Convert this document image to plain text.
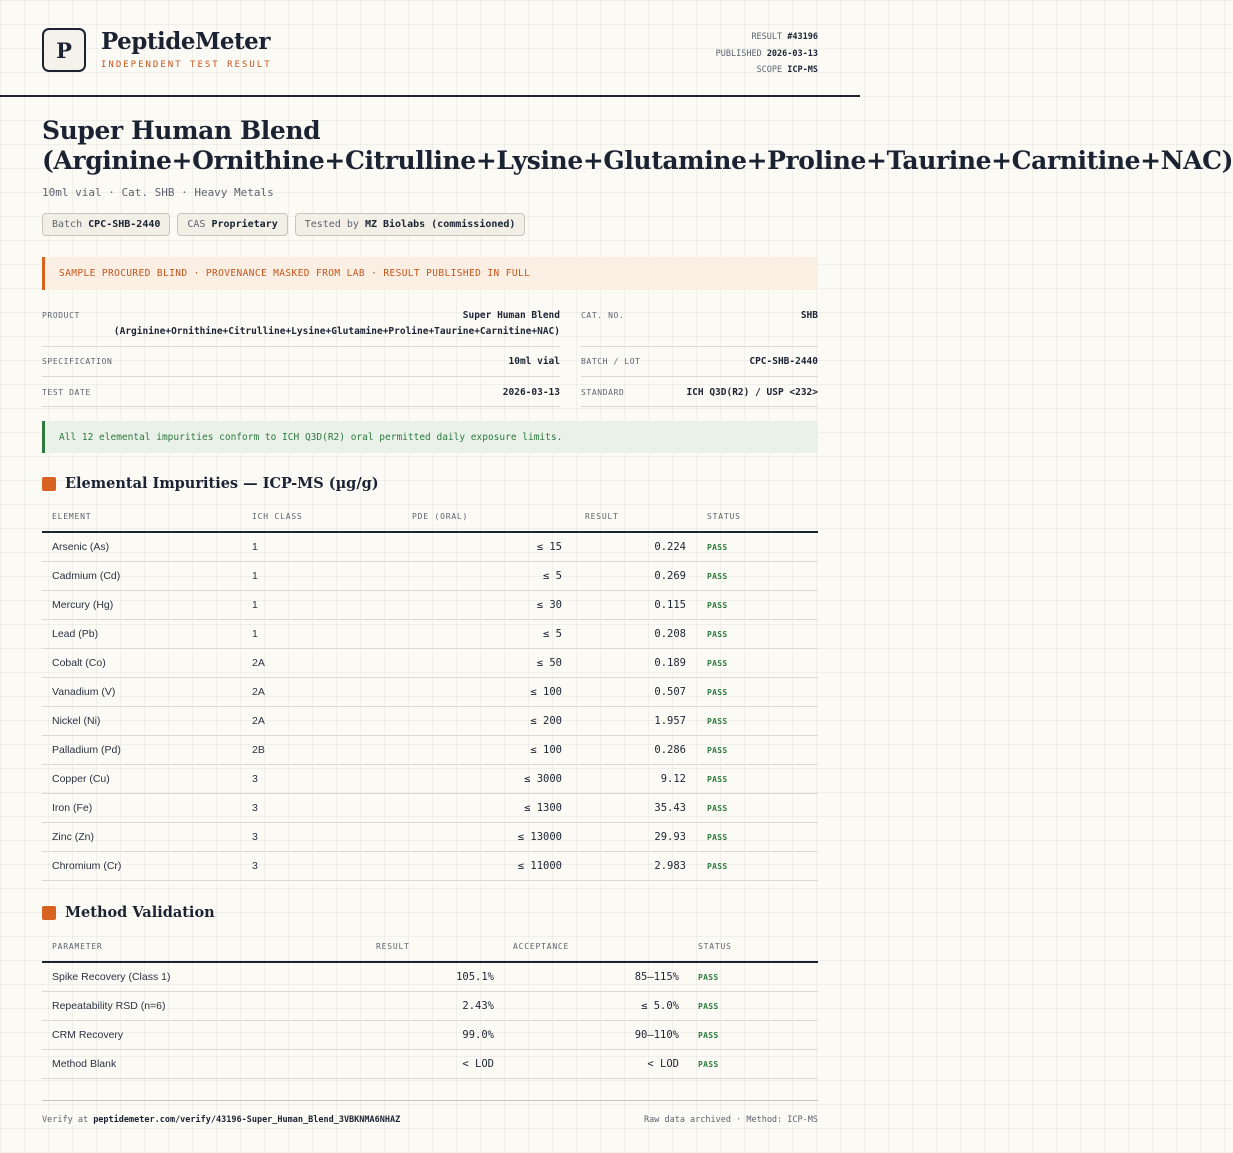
P	PeptideMeter
INDEPENDENT TEST RESULT
RESULT #43196
PUBLISHED 2026-03-13
SCOPE ICP-MS
Super Human Blend
(Arginine+Ornithine+Citrulline+Lysine+Glutamine+Proline+Taurine+Carnitine+NAC)
10ml vial · Cat. SHB · Heavy Metals
Batch CPC-SHB-2440	CAS Proprietary	Tested by MZ Biolabs (commissioned)
SAMPLE PROCURED BLIND · PROVENANCE MASKED FROM LAB · RESULT PUBLISHED IN FULL
PRODUCT	Super Human Blend
(Arginine+Ornithine+Citrulline+Lysine+Glutamine+Proline+Taurine+Carnitine+NAC)
SPECIFICATION	10ml vial
TEST DATE	2026-03-13
CAT. NO.	SHB
BATCH / LOT	CPC-SHB-2440
STANDARD	ICH Q3D(R2) / USP <232>
All 12 elemental impurities conform to ICH Q3D(R2) oral permitted daily exposure limits.
Elemental Impurities — ICP-MS (µg/g)
ELEMENT	ICH CLASS	PDE (ORAL)	RESULT	STATUS
Arsenic (As)	1	≤ 15	0.224	PASS
Cadmium (Cd)	1	≤ 5	0.269	PASS
Mercury (Hg)	1	≤ 30	0.115	PASS
Lead (Pb)	1	≤ 5	0.208	PASS
Cobalt (Co)	2A	≤ 50	0.189	PASS
Vanadium (V)	2A	≤ 100	0.507	PASS
Nickel (Ni)	2A	≤ 200	1.957	PASS
Palladium (Pd)	2B	≤ 100	0.286	PASS
Copper (Cu)	3	≤ 3000	9.12	PASS
Iron (Fe)	3	≤ 1300	35.43	PASS
Zinc (Zn)	3	≤ 13000	29.93	PASS
Chromium (Cr)	3	≤ 11000	2.983	PASS
Method Validation
PARAMETER	RESULT	ACCEPTANCE	STATUS
Spike Recovery (Class 1)	105.1%	85–115%	PASS
Repeatability RSD (n=6)	2.43%	≤ 5.0%	PASS
CRM Recovery	99.0%	90–110%	PASS
Method Blank	< LOD	< LOD	PASS
Verify at peptidemeter.com/verify/43196-Super_Human_Blend_3VBKNMA6NHAZ	Raw data archived · Method: ICP-MS
